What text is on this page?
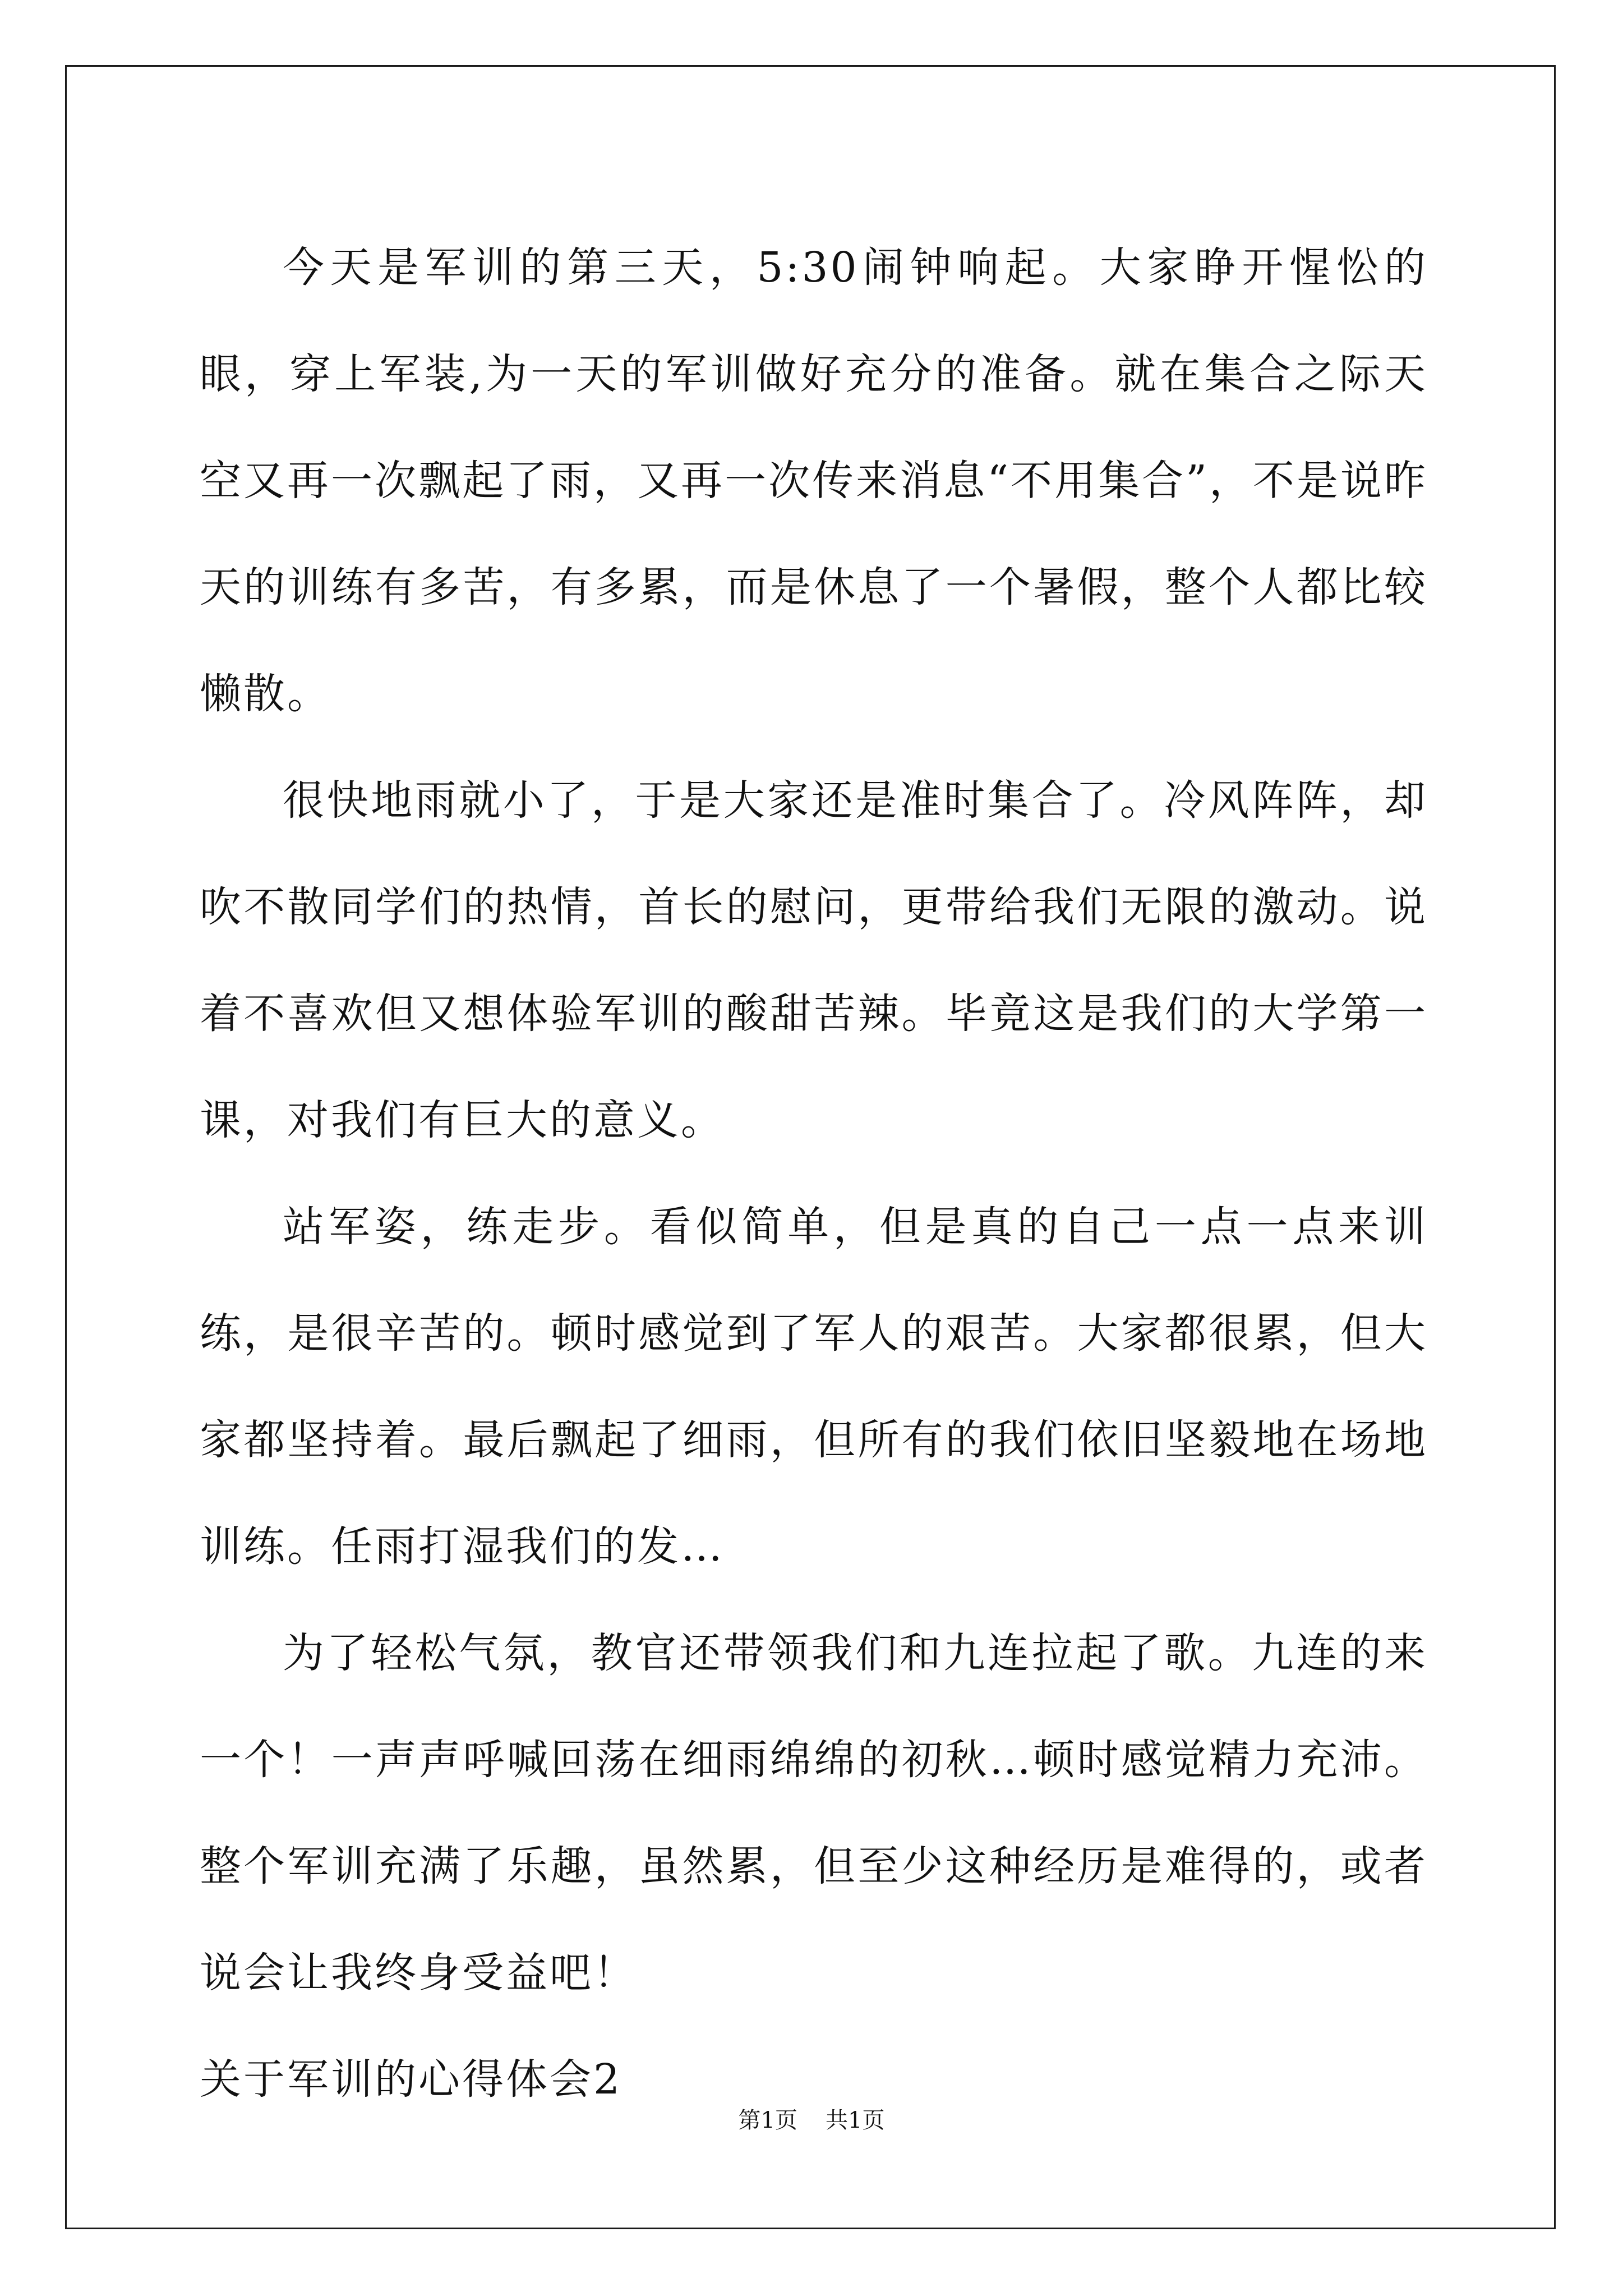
今天是军训的第三天，5:30闹钟响起。大家睁开惺忪的眼，穿上军装,为一天的军训做好充分的准备。就在集合之际天空又再一次飘起了雨，又再一次传来消息“不用集合”，不是说昨天的训练有多苦，有多累，而是休息了一个暑假，整个人都比较懒散。

很快地雨就小了，于是大家还是准时集合了。冷风阵阵，却吹不散同学们的热情，首长的慰问，更带给我们无限的激动。说着不喜欢但又想体验军训的酸甜苦辣。毕竟这是我们的大学第一课，对我们有巨大的意义。

站军姿，练走步。看似简单，但是真的自己一点一点来训练，是很辛苦的。顿时感觉到了军人的艰苦。大家都很累，但大家都坚持着。最后飘起了细雨，但所有的我们依旧坚毅地在场地训练。任雨打湿我们的发…

为了轻松气氛，教官还带领我们和九连拉起了歌。九连的来一个！一声声呼喊回荡在细雨绵绵的初秋…顿时感觉精力充沛。整个军训充满了乐趣，虽然累，但至少这种经历是难得的，或者说会让我终身受益吧！

关于军训的心得体会2

第1页 共1页
